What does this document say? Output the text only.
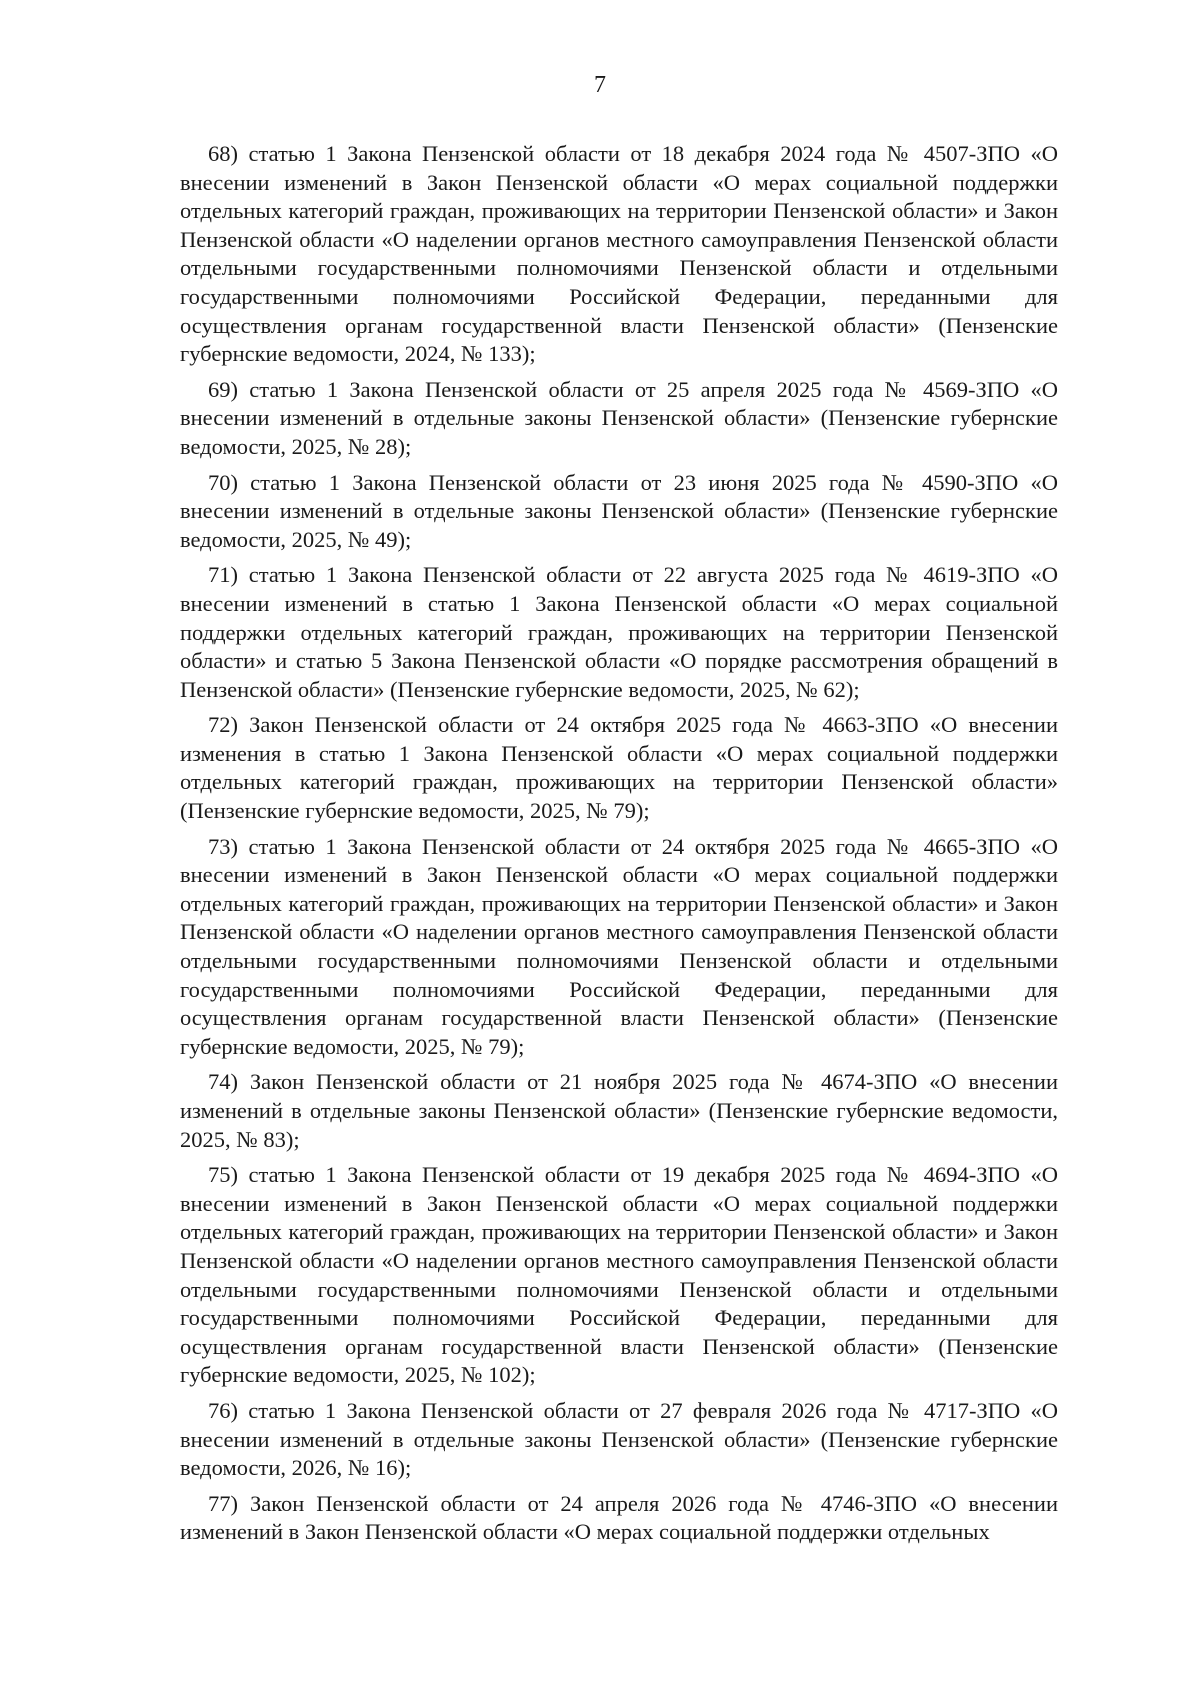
7

68) статью 1 Закона Пензенской области от 18 декабря 2024 года № 4507-ЗПО «О внесении изменений в Закон Пензенской области «О мерах социальной поддержки отдельных категорий граждан, проживающих на территории Пензенской области» и Закон Пензенской области «О наделении органов местного самоуправления Пензенской области отдельными государственными полномочиями Пензенской области и отдельными государственными полномочиями Российской Федерации, переданными для осуществления органам государственной власти Пензенской области» (Пензенские губернские ведомости, 2024, № 133);

69) статью 1 Закона Пензенской области от 25 апреля 2025 года № 4569-ЗПО «О внесении изменений в отдельные законы Пензенской области» (Пензенские губернские ведомости, 2025, № 28);

70) статью 1 Закона Пензенской области от 23 июня 2025 года № 4590-ЗПО «О внесении изменений в отдельные законы Пензенской области» (Пензенские губернские ведомости, 2025, № 49);

71) статью 1 Закона Пензенской области от 22 августа 2025 года № 4619-ЗПО «О внесении изменений в статью 1 Закона Пензенской области «О мерах социальной поддержки отдельных категорий граждан, проживающих на территории Пензенской области» и статью 5 Закона Пензенской области «О порядке рассмотрения обращений в Пензенской области» (Пензенские губернские ведомости, 2025, № 62);

72) Закон Пензенской области от 24 октября 2025 года № 4663-ЗПО «О внесении изменения в статью 1 Закона Пензенской области «О мерах социальной поддержки отдельных категорий граждан, проживающих на территории Пензенской области» (Пензенские губернские ведомости, 2025, № 79);

73) статью 1 Закона Пензенской области от 24 октября 2025 года № 4665-ЗПО «О внесении изменений в Закон Пензенской области «О мерах социальной поддержки отдельных категорий граждан, проживающих на территории Пензенской области» и Закон Пензенской области «О наделении органов местного самоуправления Пензенской области отдельными государственными полномочиями Пензенской области и отдельными государственными полномочиями Российской Федерации, переданными для осуществления органам государственной власти Пензенской области» (Пензенские губернские ведомости, 2025, № 79);

74) Закон Пензенской области от 21 ноября 2025 года № 4674-ЗПО «О внесении изменений в отдельные законы Пензенской области» (Пензенские губернские ведомости, 2025, № 83);

75) статью 1 Закона Пензенской области от 19 декабря 2025 года № 4694-ЗПО «О внесении изменений в Закон Пензенской области «О мерах социальной поддержки отдельных категорий граждан, проживающих на территории Пензенской области» и Закон Пензенской области «О наделении органов местного самоуправления Пензенской области отдельными государственными полномочиями Пензенской области и отдельными государственными полномочиями Российской Федерации, переданными для осуществления органам государственной власти Пензенской области» (Пензенские губернские ведомости, 2025, № 102);

76) статью 1 Закона Пензенской области от 27 февраля 2026 года № 4717-ЗПО «О внесении изменений в отдельные законы Пензенской области» (Пензенские губернские ведомости, 2026, № 16);

77) Закон Пензенской области от 24 апреля 2026 года № 4746-ЗПО «О внесении изменений в Закон Пензенской области «О мерах социальной поддержки отдельных
